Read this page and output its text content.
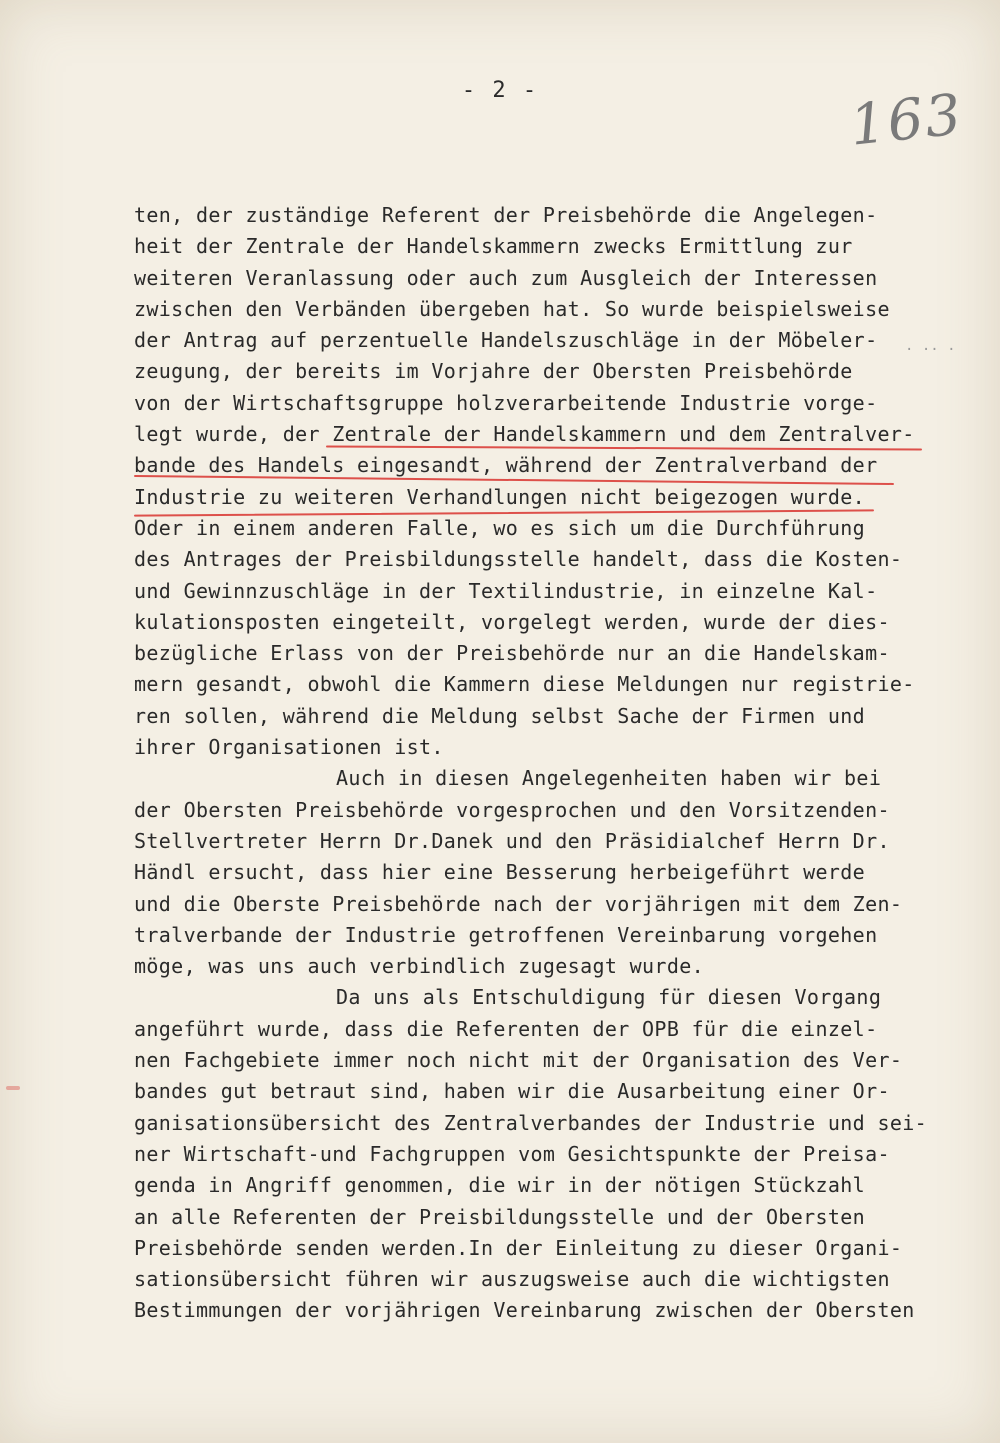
- 2 -	163
ten, der zuständige Referent der Preisbehörde die Angelegen-
heit der Zentrale der Handelskammern zwecks Ermittlung zur
weiteren Veranlassung oder auch zum Ausgleich der Interessen
zwischen den Verbänden übergeben hat. So wurde beispielsweise
der Antrag auf perzentuelle Handelszuschläge in der Möbeler-
zeugung, der bereits im Vorjahre der Obersten Preisbehörde
von der Wirtschaftsgruppe holzverarbeitende Industrie vorge-
legt wurde, der Zentrale der Handelskammern und dem Zentralver-
bande des Handels eingesandt, während der Zentralverband der
Industrie zu weiteren Verhandlungen nicht beigezogen wurde.
Oder in einem anderen Falle, wo es sich um die Durchführung
des Antrages der Preisbildungsstelle handelt, dass die Kosten-
und Gewinnzuschläge in der Textilindustrie, in einzelne Kal-
kulationsposten eingeteilt, vorgelegt werden, wurde der dies-
bezügliche Erlass von der Preisbehörde nur an die Handelskam-
mern gesandt, obwohl die Kammern diese Meldungen nur registrie-
ren sollen, während die Meldung selbst Sache der Firmen und
ihrer Organisationen ist.
Auch in diesen Angelegenheiten haben wir bei
der Obersten Preisbehörde vorgesprochen und den Vorsitzenden-
Stellvertreter Herrn Dr.Danek und den Präsidialchef Herrn Dr.
Händl ersucht, dass hier eine Besserung herbeigeführt werde
und die Oberste Preisbehörde nach der vorjährigen mit dem Zen-
tralverbande der Industrie getroffenen Vereinbarung vorgehen
möge, was uns auch verbindlich zugesagt wurde.
Da uns als Entschuldigung für diesen Vorgang
angeführt wurde, dass die Referenten der OPB für die einzel-
nen Fachgebiete immer noch nicht mit der Organisation des Ver-
bandes gut betraut sind, haben wir die Ausarbeitung einer Or-
ganisationsübersicht des Zentralverbandes der Industrie und sei-
ner Wirtschaft-und Fachgruppen vom Gesichtspunkte der Preisa-
genda in Angriff genommen, die wir in der nötigen Stückzahl
an alle Referenten der Preisbildungsstelle und der Obersten
Preisbehörde senden werden.In der Einleitung zu dieser Organi-
sationsübersicht führen wir auszugsweise auch die wichtigsten
Bestimmungen der vorjährigen Vereinbarung zwischen der Obersten
. .. .
